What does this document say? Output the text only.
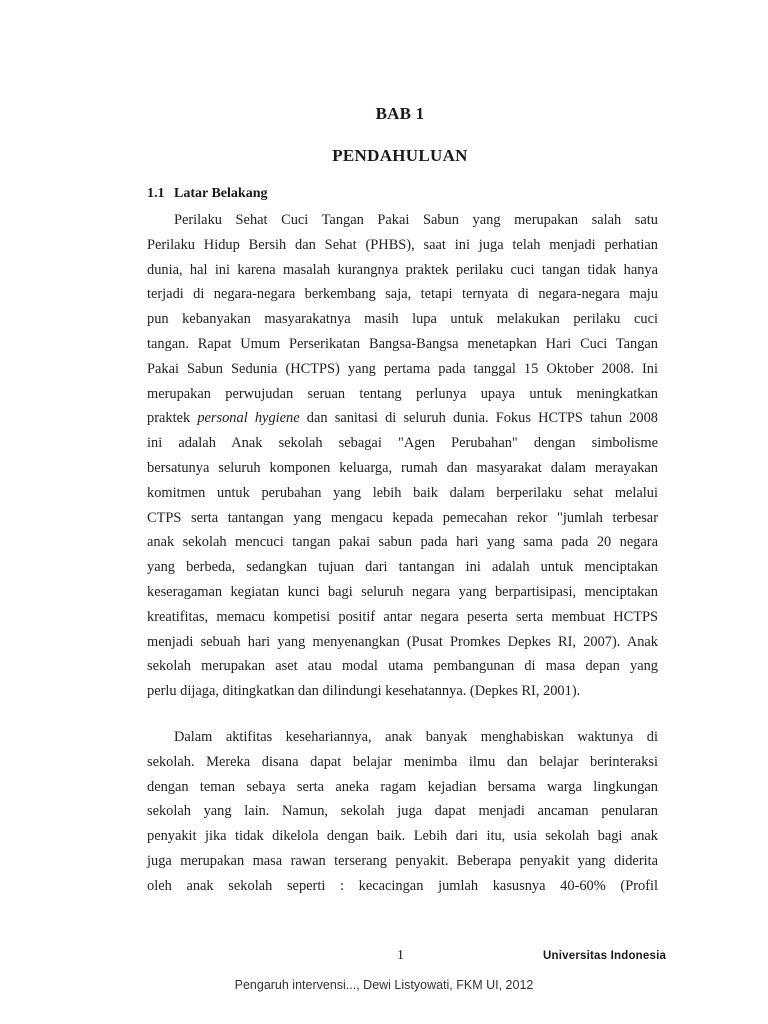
BAB 1
PENDAHULUAN
1.1 Latar Belakang
Perilaku Sehat Cuci Tangan Pakai Sabun yang merupakan salah satu
Perilaku Hidup Bersih dan Sehat (PHBS), saat ini juga telah menjadi perhatian
dunia, hal ini karena masalah kurangnya praktek perilaku cuci tangan tidak hanya
terjadi di negara-negara berkembang saja, tetapi ternyata di negara-negara maju
pun kebanyakan masyarakatnya masih lupa untuk melakukan perilaku cuci
tangan. Rapat Umum Perserikatan Bangsa-Bangsa menetapkan Hari Cuci Tangan
Pakai Sabun Sedunia (HCTPS) yang pertama pada tanggal 15 Oktober 2008. Ini
merupakan perwujudan seruan tentang perlunya upaya untuk meningkatkan
praktek personal hygiene dan sanitasi di seluruh dunia. Fokus HCTPS tahun 2008
ini adalah Anak sekolah sebagai "Agen Perubahan" dengan simbolisme
bersatunya seluruh komponen keluarga, rumah dan masyarakat dalam merayakan
komitmen untuk perubahan yang lebih baik dalam berperilaku sehat melalui
CTPS serta tantangan yang mengacu kepada pemecahan rekor "jumlah terbesar
anak sekolah mencuci tangan pakai sabun pada hari yang sama pada 20 negara
yang berbeda, sedangkan tujuan dari tantangan ini adalah untuk menciptakan
keseragaman kegiatan kunci bagi seluruh negara yang berpartisipasi, menciptakan
kreatifitas, memacu kompetisi positif antar negara peserta serta membuat HCTPS
menjadi sebuah hari yang menyenangkan (Pusat Promkes Depkes RI, 2007). Anak
sekolah merupakan aset atau modal utama pembangunan di masa depan yang
perlu dijaga, ditingkatkan dan dilindungi kesehatannya. (Depkes RI, 2001).
Dalam aktifitas kesehariannya, anak banyak menghabiskan waktunya di
sekolah. Mereka disana dapat belajar menimba ilmu dan belajar berinteraksi
dengan teman sebaya serta aneka ragam kejadian bersama warga lingkungan
sekolah yang lain. Namun, sekolah juga dapat menjadi ancaman penularan
penyakit jika tidak dikelola dengan baik. Lebih dari itu, usia sekolah bagi anak
juga merupakan masa rawan terserang penyakit. Beberapa penyakit yang diderita
oleh anak sekolah seperti : kecacingan jumlah kasusnya 40-60% (Profil
1	Universitas Indonesia
Pengaruh intervensi..., Dewi Listyowati, FKM UI, 2012
